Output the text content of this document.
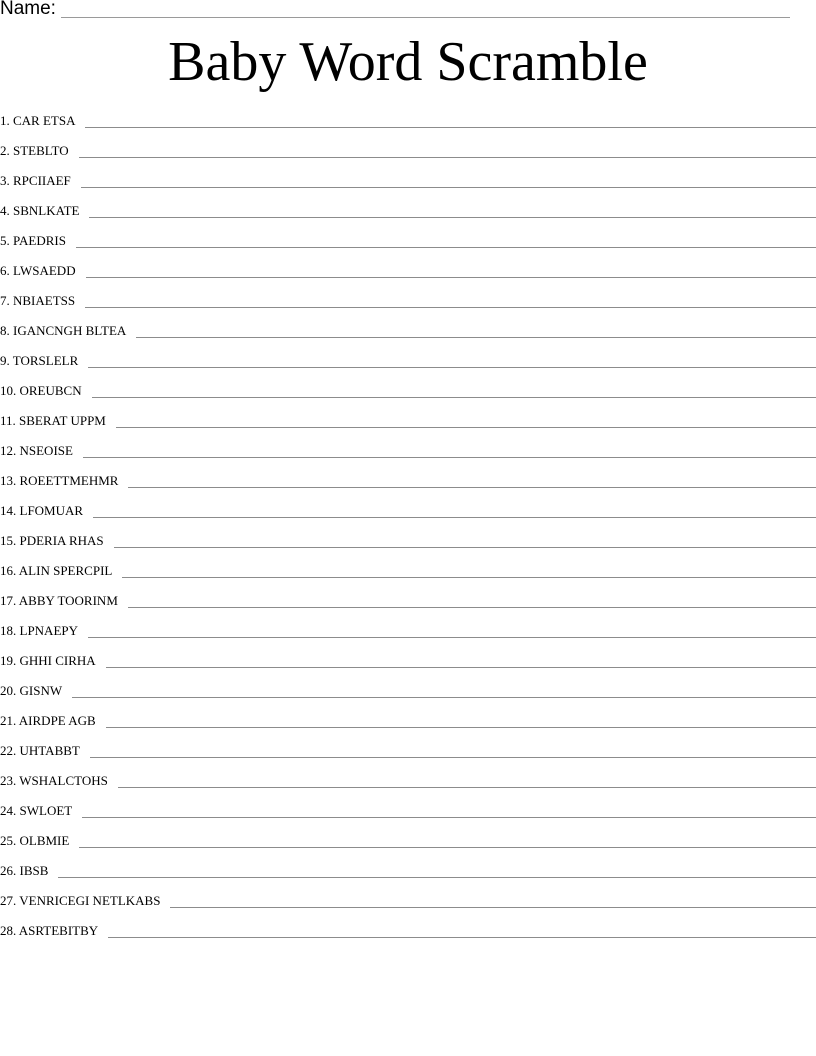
Name:
Baby Word Scramble
1. CAR ETSA
2. STEBLTO
3. RPCIIAEF
4. SBNLKATE
5. PAEDRIS
6. LWSAEDD
7. NBIAETSS
8. IGANCNGH BLTEA
9. TORSLELR
10. OREUBCN
11. SBERAT UPPM
12. NSEOISE
13. ROEETTMEHMR
14. LFOMUAR
15. PDERIA RHAS
16. ALIN SPERCPIL
17. ABBY TOORINM
18. LPNAEPY
19. GHHI CIRHA
20. GISNW
21. AIRDPE AGB
22. UHTABBT
23. WSHALCTOHS
24. SWLOET
25. OLBMIE
26. IBSB
27. VENRICEGI NETLKABS
28. ASRTEBITBY
